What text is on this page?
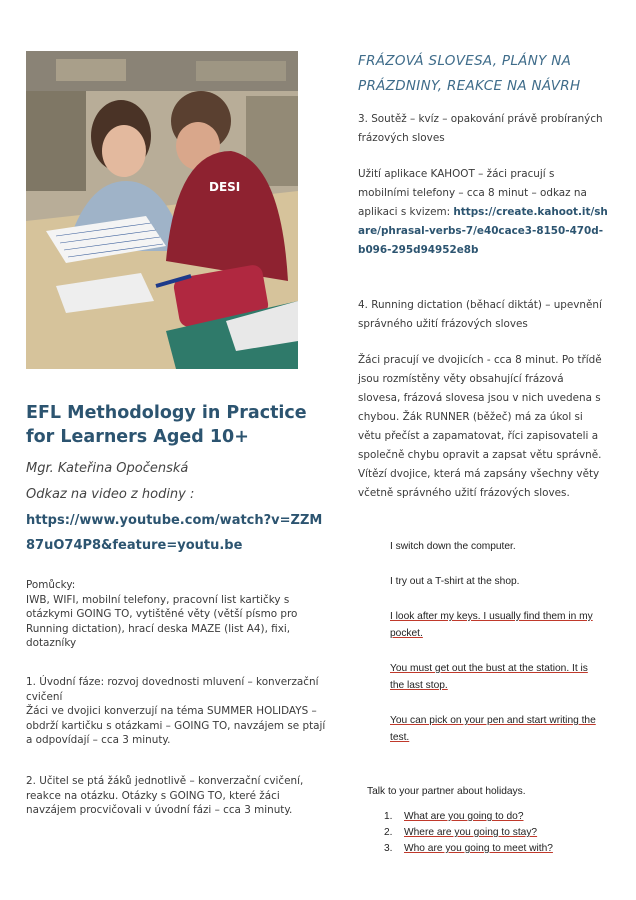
DESI
EFL Methodology in Practice for Learners Aged 10+
Mgr. Kateřina Opočenská
Odkaz na video z hodiny :
https://www.youtube.com/watch?v=ZZM87uO74P8&feature=youtu.be
Pomůcky:
IWB, WIFI, mobilní telefony, pracovní list kartičky s otázkymi GOING TO, vytištěné věty (větší písmo pro Running dictation), hrací deska MAZE (list A4), fixi, dotazníky
1. Úvodní fáze: rozvoj dovednosti mluvení – konverzační cvičení
Žáci ve dvojici konverzují na téma SUMMER HOLIDAYS – obdrží kartičku s otázkami – GOING TO, navzájem se ptají a odpovídají – cca 3 minuty.
2. Učitel se ptá žáků jednotlivě – konverzační cvičení, reakce na otázku. Otázky s GOING TO, které žáci navzájem procvičovali v úvodní fázi – cca 3 minuty.
FRÁZOVÁ SLOVESA, PLÁNY NA PRÁZDNINY, REAKCE NA NÁVRH
3. Soutěž – kvíz – opakování právě probíraných frázových sloves
Užití aplikace KAHOOT – žáci pracují s mobilními telefony – cca 8 minut – odkaz na aplikaci s kvizem: https://create.kahoot.it/share/phrasal-verbs-7/e40cace3-8150-470d-b096-295d94952e8b
4. Running dictation (běhací diktát) – upevnění správného užití frázových sloves
Žáci pracují ve dvojicích - cca 8 minut. Po třídě jsou rozmístěny věty obsahující frázová slovesa, frázová slovesa jsou v nich uvedena s chybou. Žák RUNNER (běžeč) má za úkol si větu přečíst a zapamatovat, říci zapisovateli a společně chybu opravit a zapsat větu správně. Vítězí dvojice, která má zapsány všechny věty včetně správného užití frázových sloves.
I switch down the computer.
I try out a T-shirt at the shop.
I look after my keys. I usually find them in my pocket.
You must get out the bust at the station. It is the last stop.
You can pick on your pen and start writing the test.
Talk to your partner about holidays.
1. What are you going to do?
2. Where are you going to stay?
3. Who are you going to meet with?
